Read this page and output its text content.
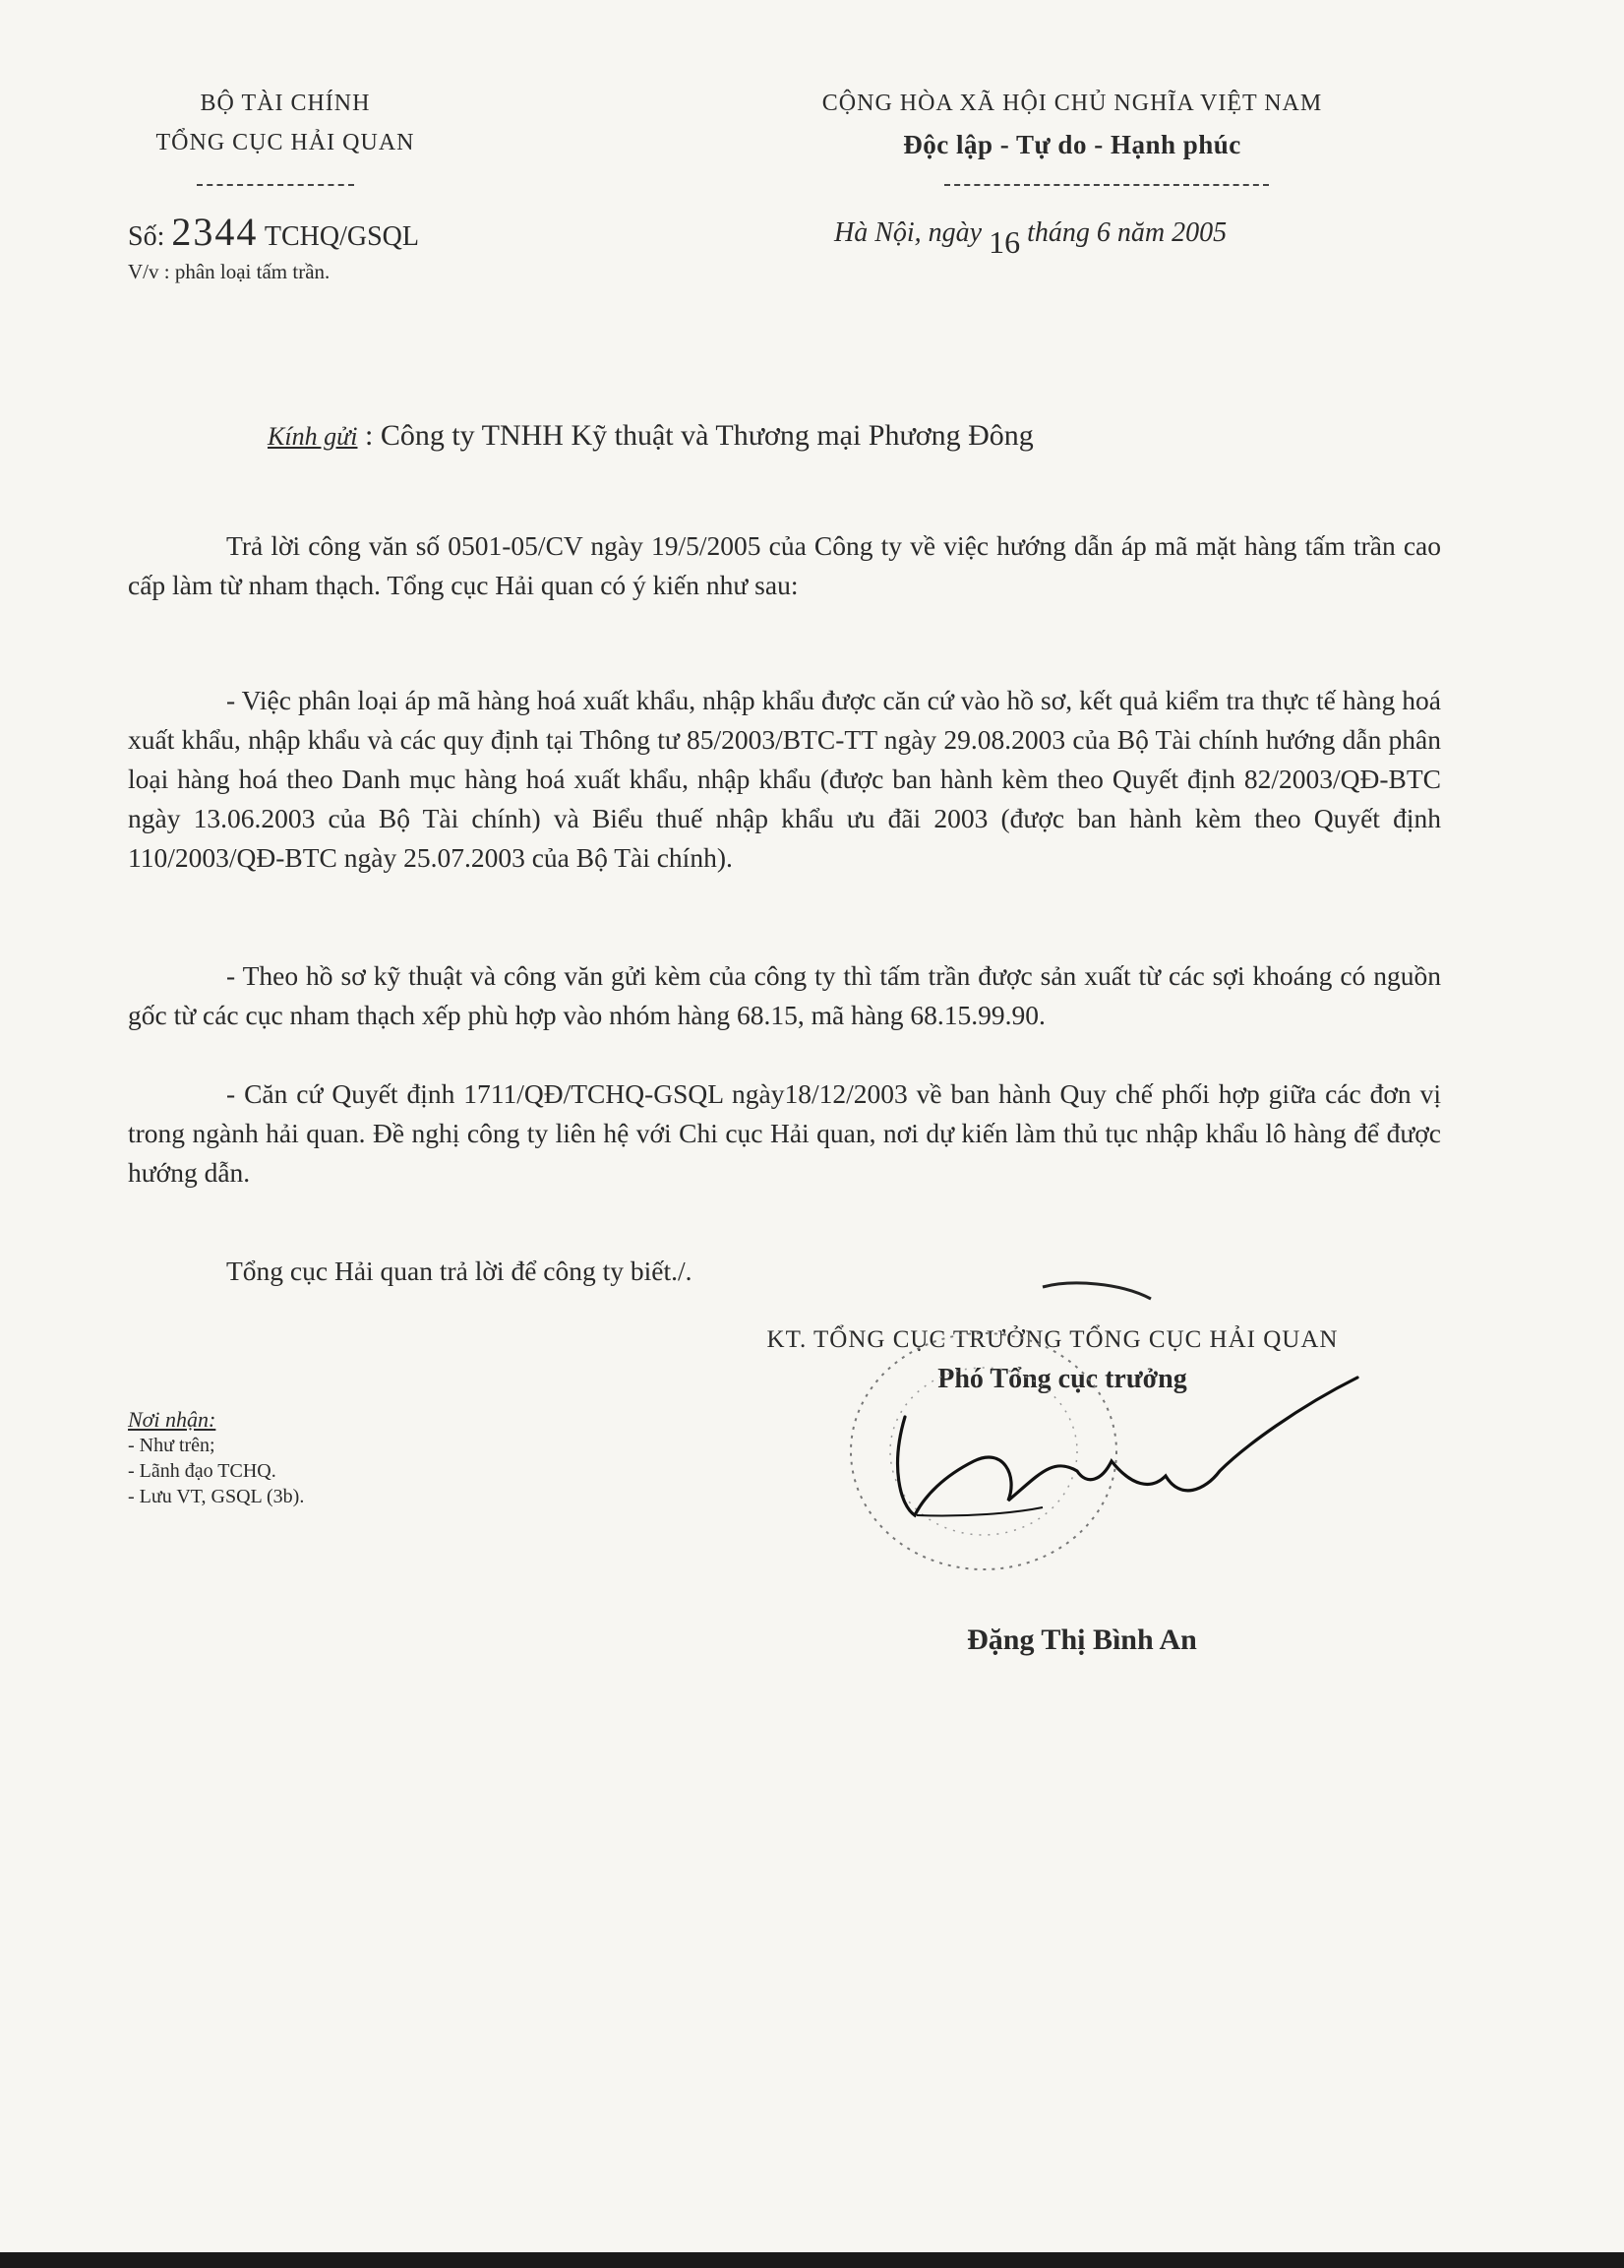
BỘ TÀI CHÍNH
TỔNG CỤC HẢI QUAN
CỘNG HÒA XÃ HỘI CHỦ NGHĨA VIỆT NAM
Độc lập - Tự do - Hạnh phúc
Số: 2344 TCHQ/GSQL
V/v : phân loại tấm trần.
Hà Nội, ngày 16 tháng 6 năm 2005
Kính gửi : Công ty TNHH Kỹ thuật và Thương mại Phương Đông
Trả lời công văn số 0501-05/CV ngày 19/5/2005 của Công ty về việc hướng dẫn áp mã mặt hàng tấm trần cao cấp làm từ nham thạch. Tổng cục Hải quan có ý kiến như sau:
- Việc phân loại áp mã hàng hoá xuất khẩu, nhập khẩu được căn cứ vào hồ sơ, kết quả kiểm tra thực tế hàng hoá xuất khẩu, nhập khẩu và các quy định tại Thông tư 85/2003/BTC-TT ngày 29.08.2003 của Bộ Tài chính hướng dẫn phân loại hàng hoá theo Danh mục hàng hoá xuất khẩu, nhập khẩu (được ban hành kèm theo Quyết định 82/2003/QĐ-BTC ngày 13.06.2003 của Bộ Tài chính) và Biểu thuế nhập khẩu ưu đãi 2003 (được ban hành kèm theo Quyết định 110/2003/QĐ-BTC ngày 25.07.2003 của Bộ Tài chính).
- Theo hồ sơ kỹ thuật và công văn gửi kèm của công ty thì tấm trần được sản xuất từ các sợi khoáng có nguồn gốc từ các cục nham thạch xếp phù hợp vào nhóm hàng 68.15, mã hàng 68.15.99.90.
- Căn cứ Quyết định 1711/QĐ/TCHQ-GSQL ngày18/12/2003 về ban hành Quy chế phối hợp giữa các đơn vị trong ngành hải quan. Đề nghị công ty liên hệ với Chi cục Hải quan, nơi dự kiến làm thủ tục nhập khẩu lô hàng để được hướng dẫn.
Tổng cục Hải quan trả lời để công ty biết./.
KT. TỔNG CỤC TRƯỞNG TỔNG CỤC HẢI QUAN
Phó Tổng cục trưởng
Đặng Thị Bình An
Nơi nhận:
- Như trên;
- Lãnh đạo TCHQ.
- Lưu VT, GSQL (3b).
